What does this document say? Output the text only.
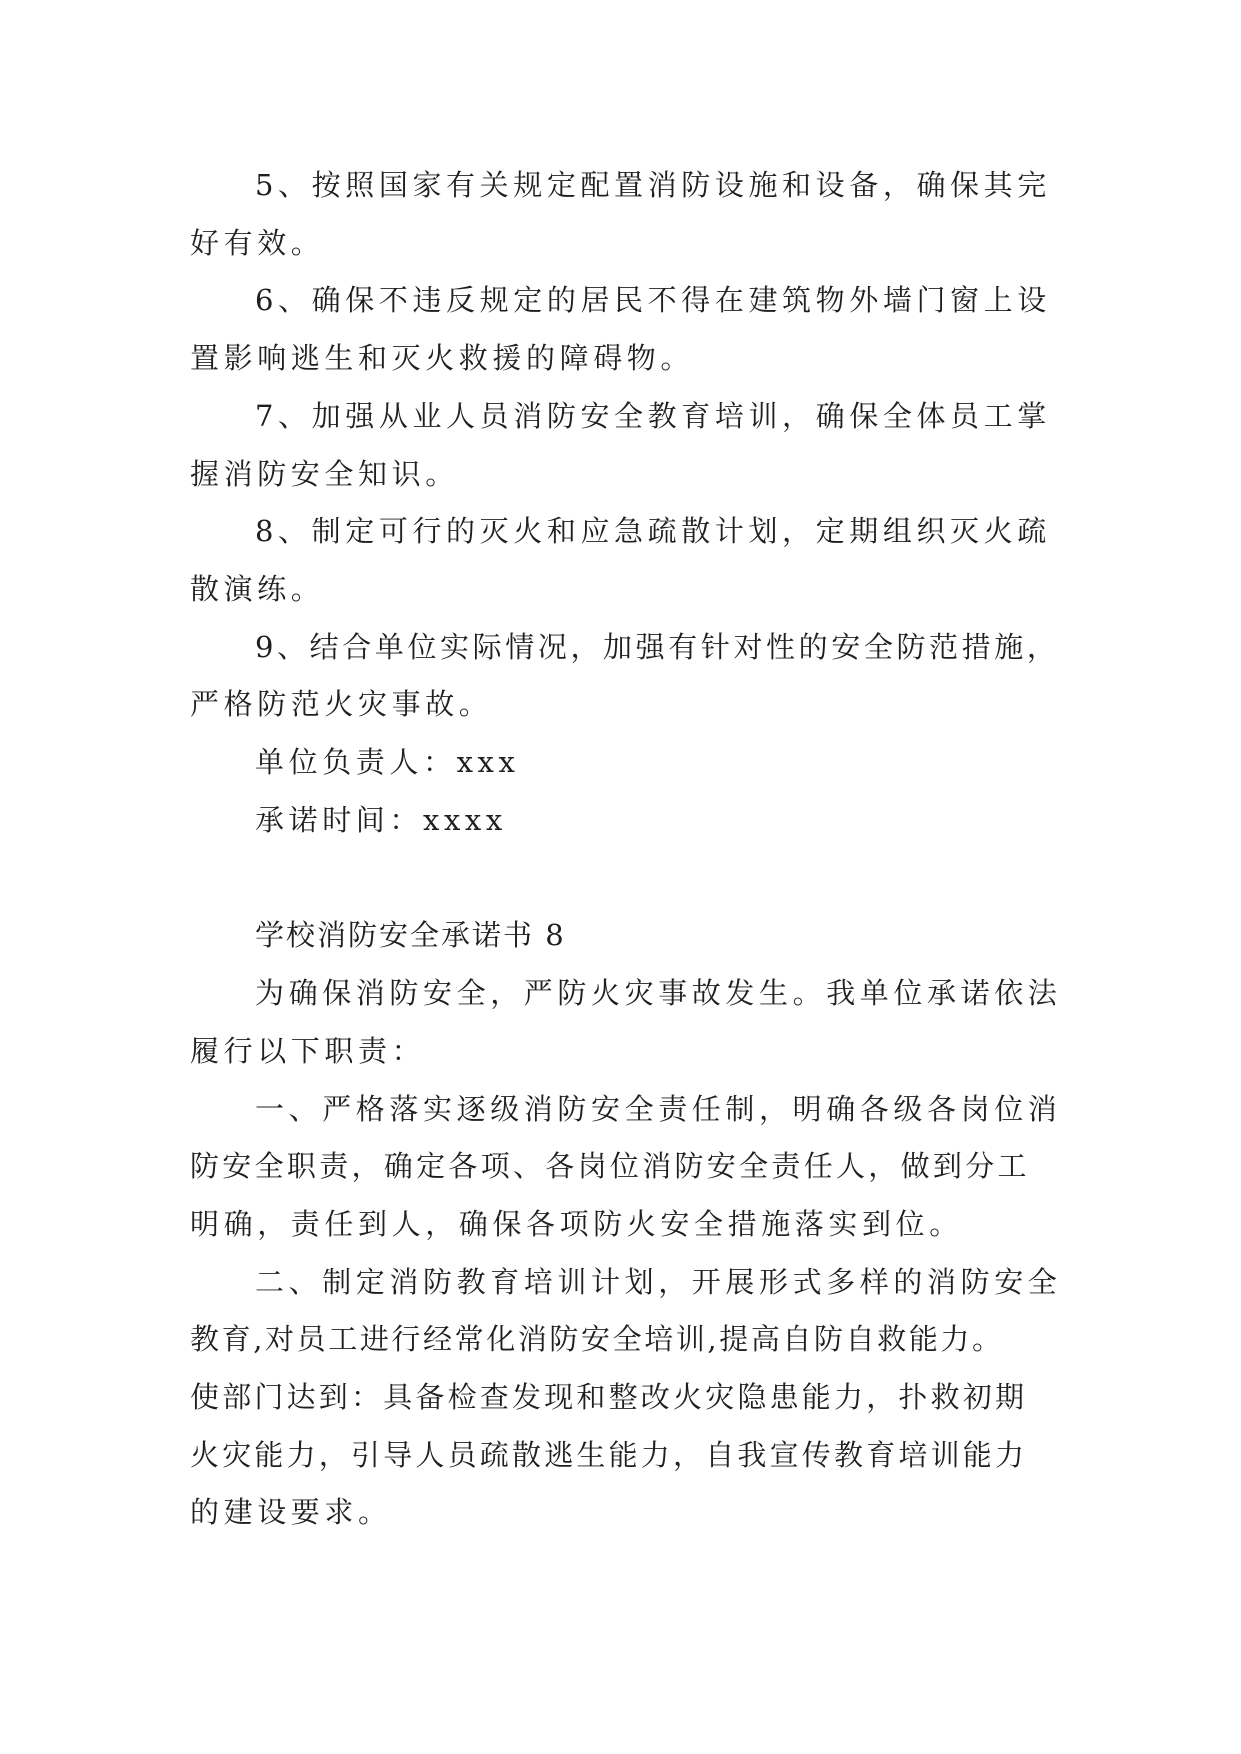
5、按照国家有关规定配置消防设施和设备，确保其完

好有效。

6、确保不违反规定的居民不得在建筑物外墙门窗上设

置影响逃生和灭火救援的障碍物。

7、加强从业人员消防安全教育培训，确保全体员工掌

握消防安全知识。

8、制定可行的灭火和应急疏散计划，定期组织灭火疏

散演练。

9、结合单位实际情况，加强有针对性的安全防范措施，

严格防范火灾事故。

单位负责人：xxx

承诺时间：xxxx

学校消防安全承诺书 8

为确保消防安全，严防火灾事故发生。我单位承诺依法

履行以下职责：

一、严格落实逐级消防安全责任制，明确各级各岗位消

防安全职责，确定各项、各岗位消防安全责任人，做到分工

明确，责任到人，确保各项防火安全措施落实到位。

二、制定消防教育培训计划，开展形式多样的消防安全

教育,对员工进行经常化消防安全培训,提高自防自救能力。

使部门达到：具备检查发现和整改火灾隐患能力，扑救初期

火灾能力，引导人员疏散逃生能力，自我宣传教育培训能力

的建设要求。
